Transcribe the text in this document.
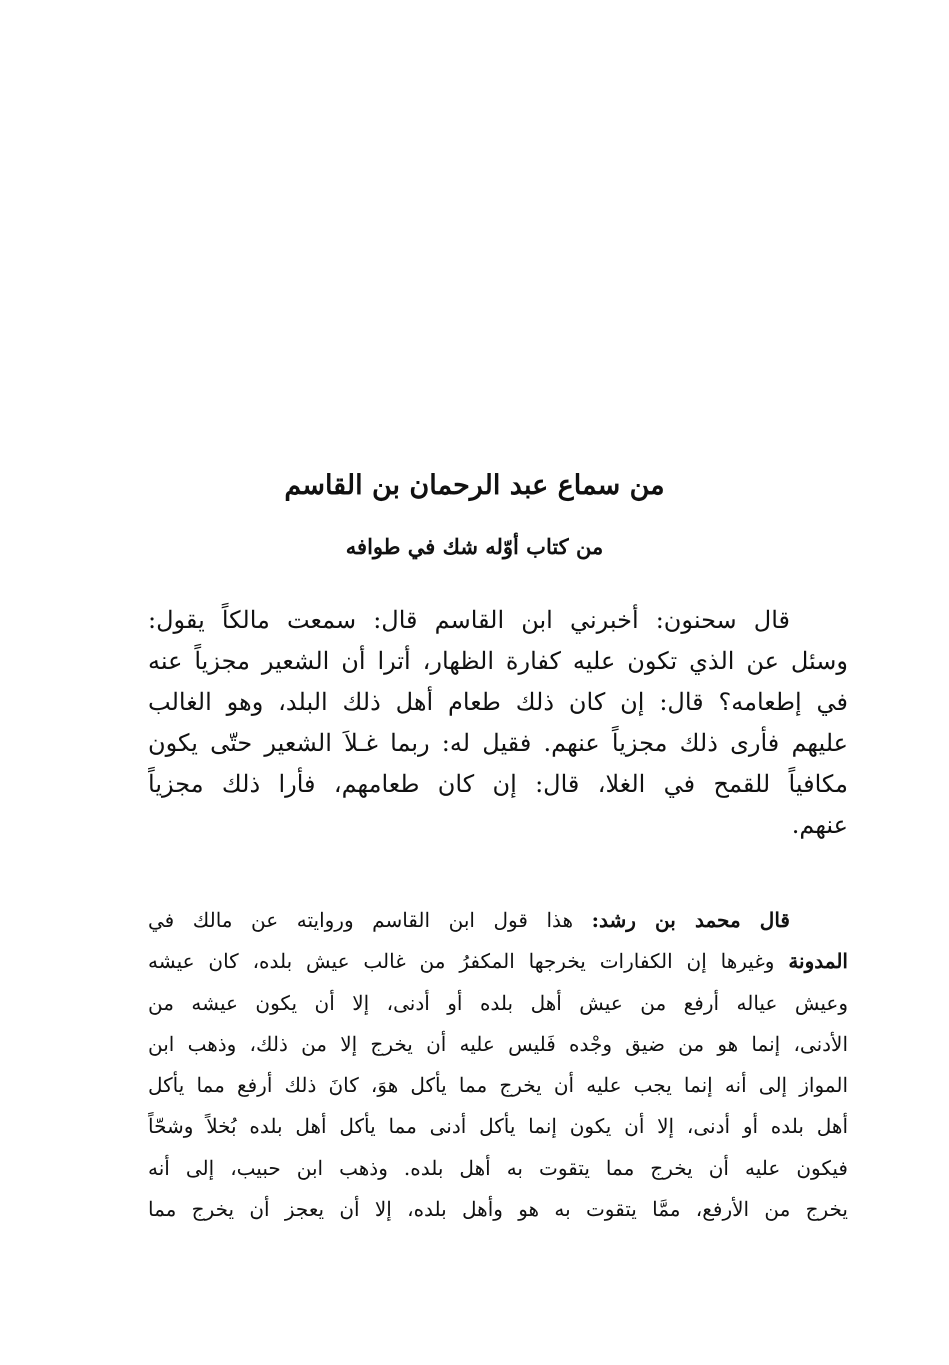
من سماع عبد الرحمان بن القاسم
من كتاب أوّله شك في طوافه
قال سحنون: أخبرني ابن القاسم قال: سمعت مالكاً يقول:
وسئل عن الذي تكون عليه كفارة الظهار، أترا أن الشعير مجزياً عنه
في إطعامه؟ قال: إن كان ذلك طعام أهل ذلك البلد، وهو الغالب
عليهم فأرى ذلك مجزياً عنهم. فقيل له: ربما غـلاَ الشعير حتّى يكون
مكافياً للقمح في الغلا، قال: إن كان طعامهم، فأرا ذلك مجزياً
عنهم.
قال محمد بن رشد: هذا قول ابن القاسم وروايته عن مالك في
المدونة وغيرها إن الكفارات يخرجها المكفرُ من غالب عيش بلده، كان عيشه
وعيش عياله أرفع من عيش أهل بلده أو أدنى، إلا أن يكون عيشه من
الأدنى، إنما هو من ضيق وجْده فَليس عليه أن يخرج إلا من ذلك، وذهب ابن
المواز إلى أنه إنما يجب عليه أن يخرج مما يأكل هوَ، كانَ ذلك أرفع مما يأكل
أهل بلده أو أدنى، إلا أن يكون إنما يأكل أدنى مما يأكل أهل بلده بُخلاً وشحّاً
فيكون عليه أن يخرج مما يتقوت به أهل بلده. وذهب ابن حبيب، إلى أنه
يخرج من الأرفع، ممَّا يتقوت به هو وأهل بلده، إلا أن يعجز أن يخرج مما
